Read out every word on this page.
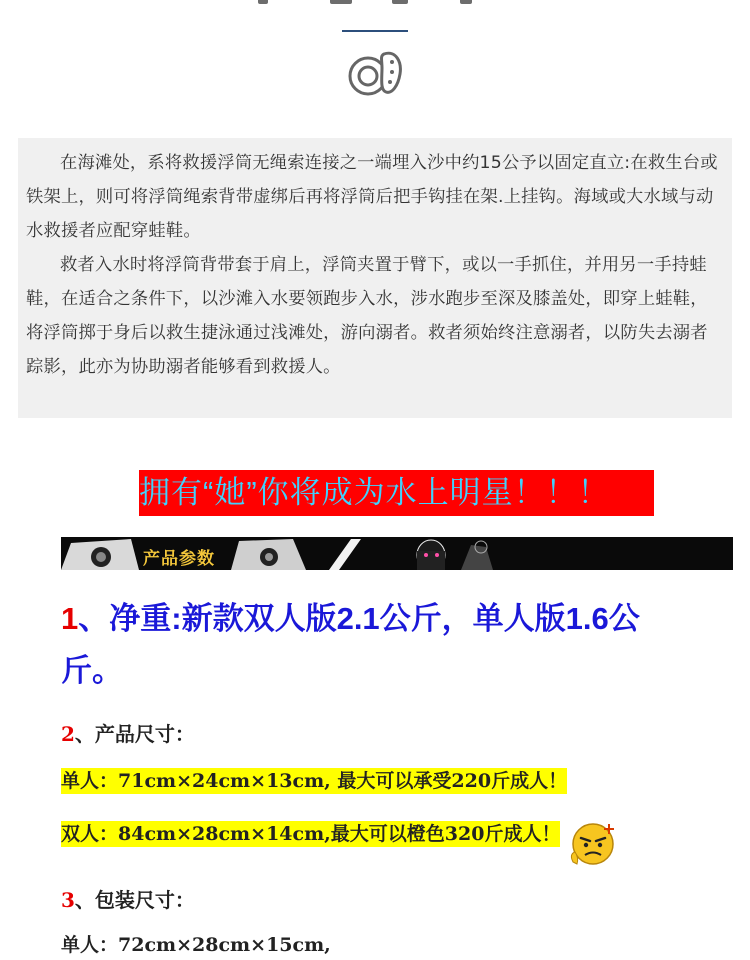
在海滩处，系将救援浮筒无绳索连接之一端埋入沙中约15公予以固定直立:在救生台或铁架上，则可将浮筒绳索背带虚绑后再将浮筒后把手钩挂在架.上挂钩。海域或大水域与动水救援者应配穿蛙鞋。

救者入水时将浮筒背带套于肩上，浮筒夹置于臂下，或以一手抓住，并用另一手持蛙鞋，在适合之条件下，以沙滩入水要领跑步入水，涉水跑步至深及膝盖处，即穿上蛙鞋，将浮筒掷于身后以救生捷泳通过浅滩处，游向溺者。救者须始终注意溺者，以防失去溺者踪影，此亦为协助溺者能够看到救援人。

拥有“她”你将成为水上明星！！！
产品参数
1、净重:新款双人版2.1公斤，单人版1.6公
斤。
2、产品尺寸：
单人：71cm×24cm×13cm, 最大可以承受220斤成人！
双人：84cm×28cm×14cm,最大可以橙色320斤成人！
3、包装尺寸：
单人：72cm×28cm×15cm,
